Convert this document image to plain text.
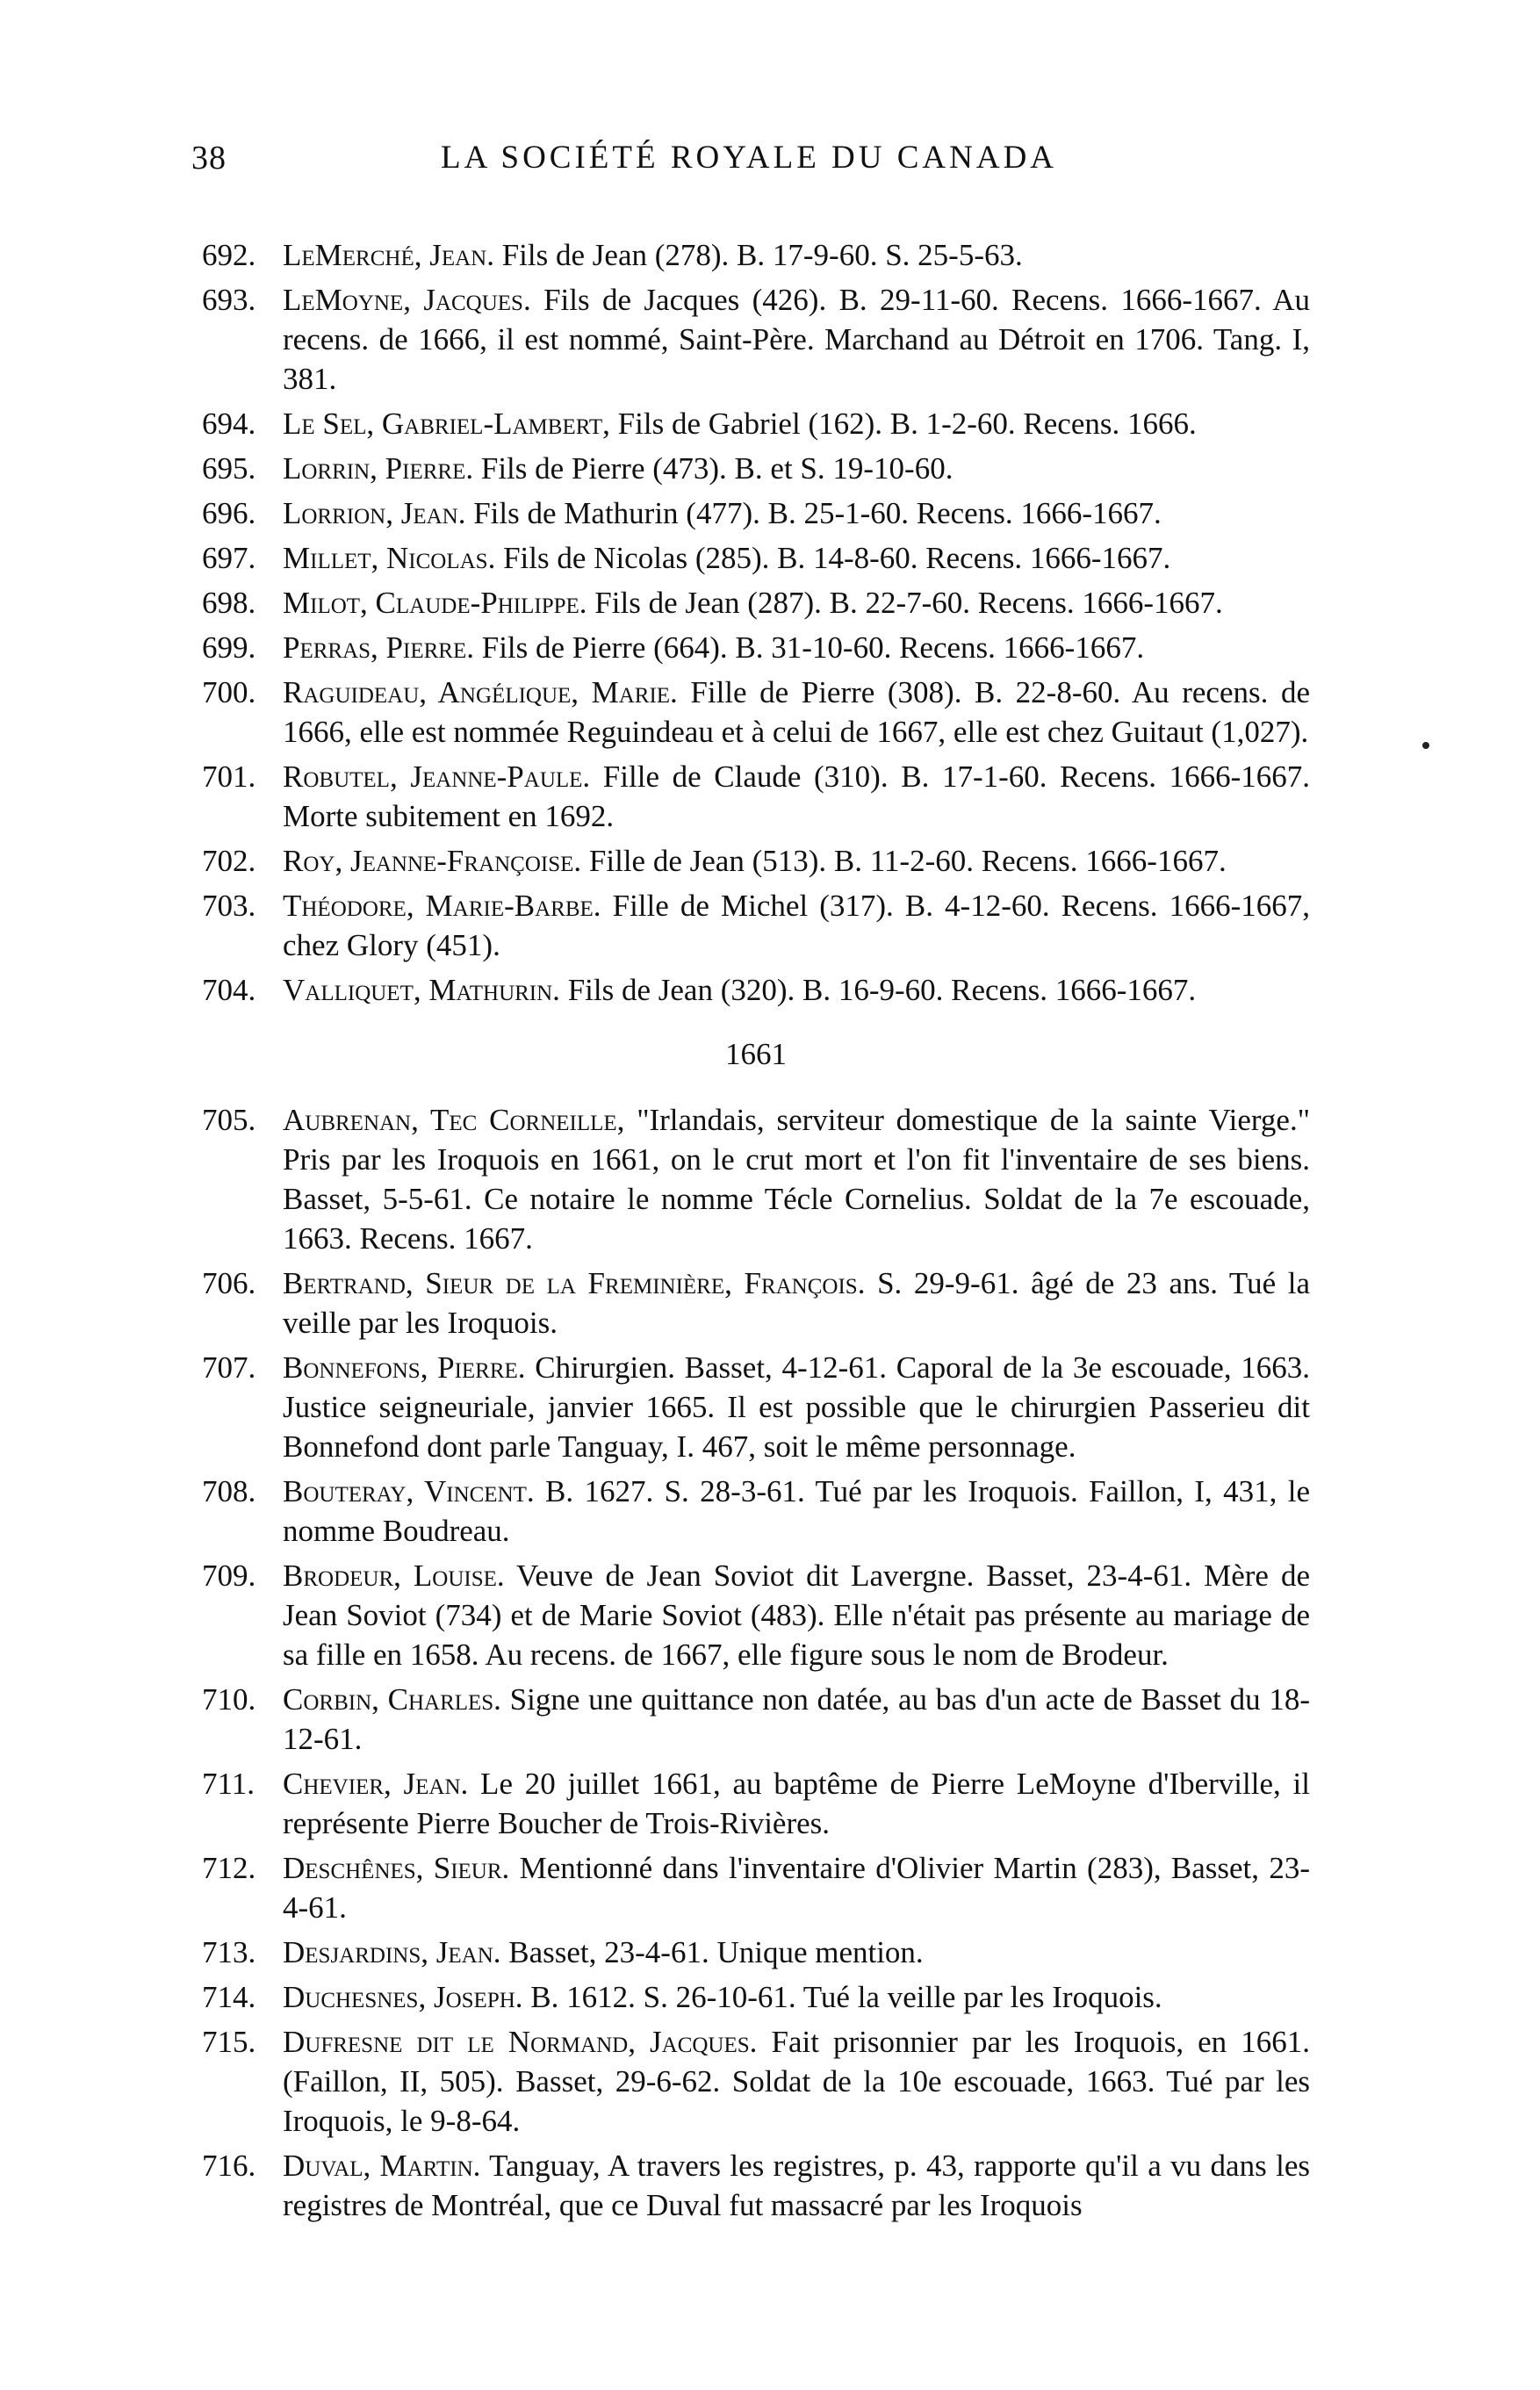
38	LA SOCIÉTÉ ROYALE DU CANADA
692. LeMerché, Jean. Fils de Jean (278). B. 17-9-60. S. 25-5-63.
693. LeMoyne, Jacques. Fils de Jacques (426). B. 29-11-60. Recens. 1666-1667. Au recens. de 1666, il est nommé, Saint-Père. Marchand au Détroit en 1706. Tang. I, 381.
694. Le Sel, Gabriel-Lambert, Fils de Gabriel (162). B. 1-2-60. Recens. 1666.
695. Lorrin, Pierre. Fils de Pierre (473). B. et S. 19-10-60.
696. Lorrion, Jean. Fils de Mathurin (477). B. 25-1-60. Recens. 1666-1667.
697. Millet, Nicolas. Fils de Nicolas (285). B. 14-8-60. Recens. 1666-1667.
698. Milot, Claude-Philippe. Fils de Jean (287). B. 22-7-60. Recens. 1666-1667.
699. Perras, Pierre. Fils de Pierre (664). B. 31-10-60. Recens. 1666-1667.
700. Raguideau, Angélique, Marie. Fille de Pierre (308). B. 22-8-60. Au recens. de 1666, elle est nommée Reguindeau et à celui de 1667, elle est chez Guitaut (1,027).
701. Robutel, Jeanne-Paule. Fille de Claude (310). B. 17-1-60. Recens. 1666-1667. Morte subitement en 1692.
702. Roy, Jeanne-Françoise. Fille de Jean (513). B. 11-2-60. Recens. 1666-1667.
703. Théodore, Marie-Barbe. Fille de Michel (317). B. 4-12-60. Recens. 1666-1667, chez Glory (451).
704. Valliquet, Mathurin. Fils de Jean (320). B. 16-9-60. Recens. 1666-1667.
1661
705. Aubrenan, Tec Corneille, "Irlandais, serviteur domestique de la sainte Vierge." Pris par les Iroquois en 1661, on le crut mort et l'on fit l'inventaire de ses biens. Basset, 5-5-61. Ce notaire le nomme Técle Cornelius. Soldat de la 7e escouade, 1663. Recens. 1667.
706. Bertrand, Sieur de la Freminière, François. S. 29-9-61. âgé de 23 ans. Tué la veille par les Iroquois.
707. Bonnefons, Pierre. Chirurgien. Basset, 4-12-61. Caporal de la 3e escouade, 1663. Justice seigneuriale, janvier 1665. Il est possible que le chirurgien Passerieu dit Bonnefond dont parle Tanguay, I. 467, soit le même personnage.
708. Bouteray, Vincent. B. 1627. S. 28-3-61. Tué par les Iroquois. Faillon, I, 431, le nomme Boudreau.
709. Brodeur, Louise. Veuve de Jean Soviot dit Lavergne. Basset, 23-4-61. Mère de Jean Soviot (734) et de Marie Soviot (483). Elle n'était pas présente au mariage de sa fille en 1658. Au recens. de 1667, elle figure sous le nom de Brodeur.
710. Corbin, Charles. Signe une quittance non datée, au bas d'un acte de Basset du 18-12-61.
711. Chevier, Jean. Le 20 juillet 1661, au baptême de Pierre LeMoyne d'Iberville, il représente Pierre Boucher de Trois-Rivières.
712. Deschênes, Sieur. Mentionné dans l'inventaire d'Olivier Martin (283), Basset, 23-4-61.
713. Desjardins, Jean. Basset, 23-4-61. Unique mention.
714. Duchesnes, Joseph. B. 1612. S. 26-10-61. Tué la veille par les Iroquois.
715. Dufresne dit le Normand, Jacques. Fait prisonnier par les Iroquois, en 1661. (Faillon, II, 505). Basset, 29-6-62. Soldat de la 10e escouade, 1663. Tué par les Iroquois, le 9-8-64.
716. Duval, Martin. Tanguay, A travers les registres, p. 43, rapporte qu'il a vu dans les registres de Montréal, que ce Duval fut massacré par les Iroquois
